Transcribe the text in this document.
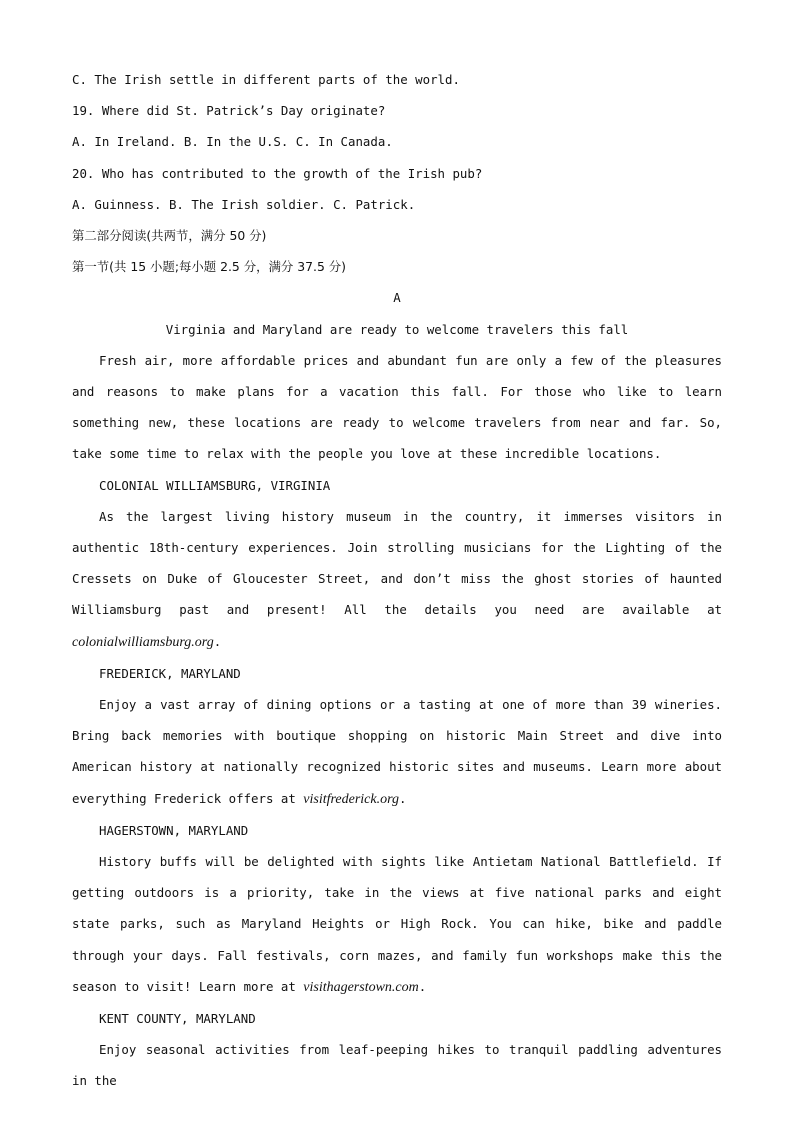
C. The Irish settle in different parts of the world.
19. Where did St. Patrick’s Day originate?
A. In Ireland. B. In the U.S. C. In Canada.
20. Who has contributed to the growth of the Irish pub?
A. Guinness. B. The Irish soldier. C. Patrick.
第二部分阅读(共两节，满分 50 分)
第一节(共 15 小题;每小题 2.5 分，满分 37.5 分)
A
Virginia and Maryland are ready to welcome travelers this fall

Fresh air, more affordable prices and abundant fun are only a few of the pleasures and reasons to make plans for a vacation this fall. For those who like to learn something new, these locations are ready to welcome travelers from near and far. So, take some time to relax with the people you love at these incredible locations.

COLONIAL WILLIAMSBURG, VIRGINIA

As the largest living history museum in the country, it immerses visitors in authentic 18th-century experiences. Join strolling musicians for the Lighting of the Cressets on Duke of Gloucester Street, and don’t miss the ghost stories of haunted Williamsburg past and present! All the details you need are available at colonialwilliamsburg.org.

FREDERICK, MARYLAND

Enjoy a vast array of dining options or a tasting at one of more than 39 wineries. Bring back memories with boutique shopping on historic Main Street and dive into American history at nationally recognized historic sites and museums. Learn more about everything Frederick offers at visitfrederick.org.

HAGERSTOWN, MARYLAND

History buffs will be delighted with sights like Antietam National Battlefield. If getting outdoors is a priority, take in the views at five national parks and eight state parks, such as Maryland Heights or High Rock. You can hike, bike and paddle through your days. Fall festivals, corn mazes, and family fun workshops make this the season to visit! Learn more at visithagerstown.com.

KENT COUNTY, MARYLAND

Enjoy seasonal activities from leaf-peeping hikes to tranquil paddling adventures in the
